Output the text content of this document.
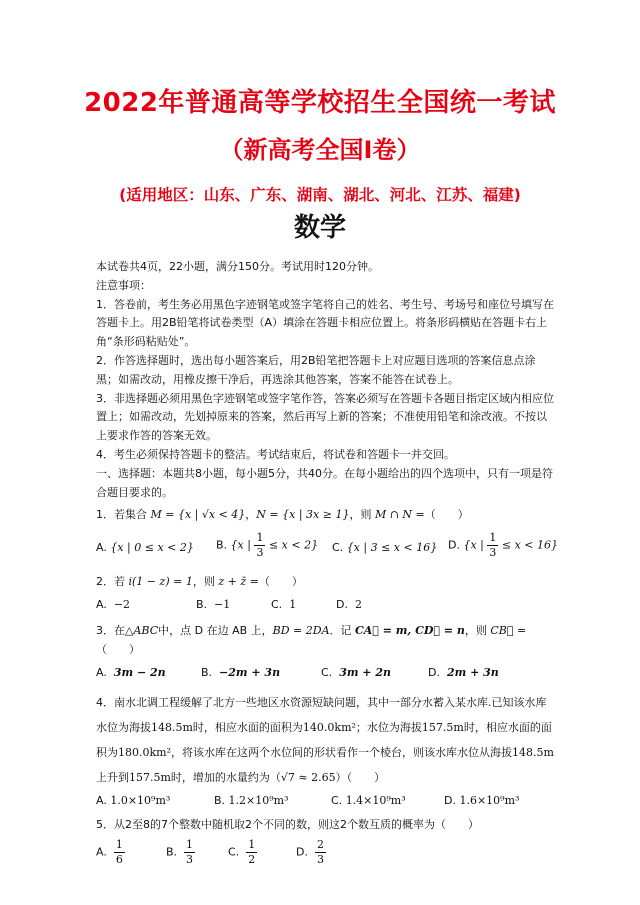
2022年普通高等学校招生全国统一考试
（新高考全国Ⅰ卷）
(适用地区：山东、广东、湖南、湖北、河北、江苏、福建)
数学

本试卷共4页，22小题，满分150分。考试用时120分钟。

注意事项：

1．答卷前，考生务必用黑色字迹钢笔或签字笔将自己的姓名、考生号、考场号和座位号填写在答题卡上。用2B铅笔将试卷类型（A）填涂在答题卡相应位置上。将条形码横贴在答题卡右上角“条形码粘贴处”。

2．作答选择题时，选出每小题答案后，用2B铅笔把答题卡上对应题目选项的答案信息点涂黑；如需改动，用橡皮擦干净后，再选涂其他答案，答案不能答在试卷上。

3．非选择题必须用黑色字迹钢笔或签字笔作答，答案必须写在答题卡各题目指定区域内相应位置上；如需改动，先划掉原来的答案，然后再写上新的答案；不准使用铅笔和涂改液。不按以上要求作答的答案无效。

4．考生必须保持答题卡的整洁。考试结束后，将试卷和答题卡一并交回。

一、选择题：本题共8小题，每小题5分，共40分。在每小题给出的四个选项中，只有一项是符合题目要求的。

1．若集合 M = {x | √x < 4}，N = {x | 3x ≥ 1}，则 M ∩ N =（　　）

A. {x | 0 ≤ x < 2} B. {x | $\frac{1}{3} \le x < 2$} C. {x | 3 ≤ x < 16} D. {x | $\frac{1}{3} \le x < 16$}

2．若 i(1 − z) = 1，则 z + z̄ =（　　）

A. −2	B. −1	C. 1	D. 2

3．在△ABC中，点 D 在边 AB 上，BD = 2DA．记 CA⃗ = m, CD⃗ = n，则 CB⃗ =（　　）

A. 3m − 2n	B. −2m + 3n	C. 3m + 2n	D. 2m + 3n

4．南水北调工程缓解了北方一些地区水资源短缺问题，其中一部分水蓄入某水库.已知该水库水位为海拔148.5m时，相应水面的面积为140.0km²；水位为海拔157.5m时，相应水面的面积为180.0km²，将该水库在这两个水位间的形状看作一个棱台，则该水库水位从海拔148.5m上升到157.5m时，增加的水量约为（√7 ≈ 2.65）（　　）

A. 1.0×10⁹m³	B. 1.2×10⁹m³	C. 1.4×10⁹m³	D. 1.6×10⁹m³

5．从2至8的7个整数中随机取2个不同的数，则这2个数互质的概率为（　　）

A. $\frac{1}{6}$	B. $\frac{1}{3}$	C. $\frac{1}{2}$	D. $\frac{2}{3}$
